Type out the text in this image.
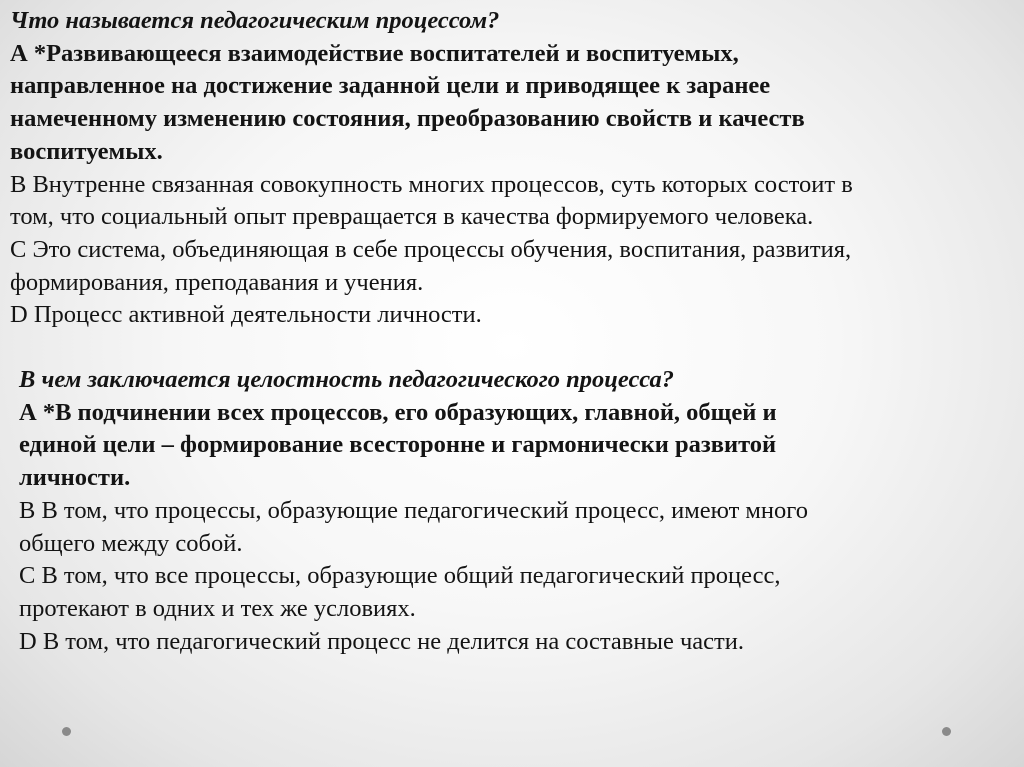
Что называется педагогическим процессом?
А *Развивающееся взаимодействие воспитателей и воспитуемых,
направленное на достижение заданной цели и приводящее к заранее
намеченному изменению состояния, преобразованию свойств и качеств
воспитуемых.
B Внутренне связанная совокупность многих процессов, суть которых состоит в
том, что социальный опыт превращается в качества формируемого человека.
C Это система, объединяющая в себе процессы обучения, воспитания, развития,
формирования, преподавания и учения.
D Процесс активной деятельности личности.
В чем заключается целостность педагогического процесса?
А *В подчинении всех процессов, его образующих, главной, общей и
единой цели – формирование всесторонне и гармонически развитой
личности.
B В том, что процессы, образующие педагогический процесс, имеют много
общего между собой.
C В том, что все процессы, образующие общий педагогический процесс,
протекают в одних и тех же условиях.
D В том, что педагогический процесс не делится на составные части.
